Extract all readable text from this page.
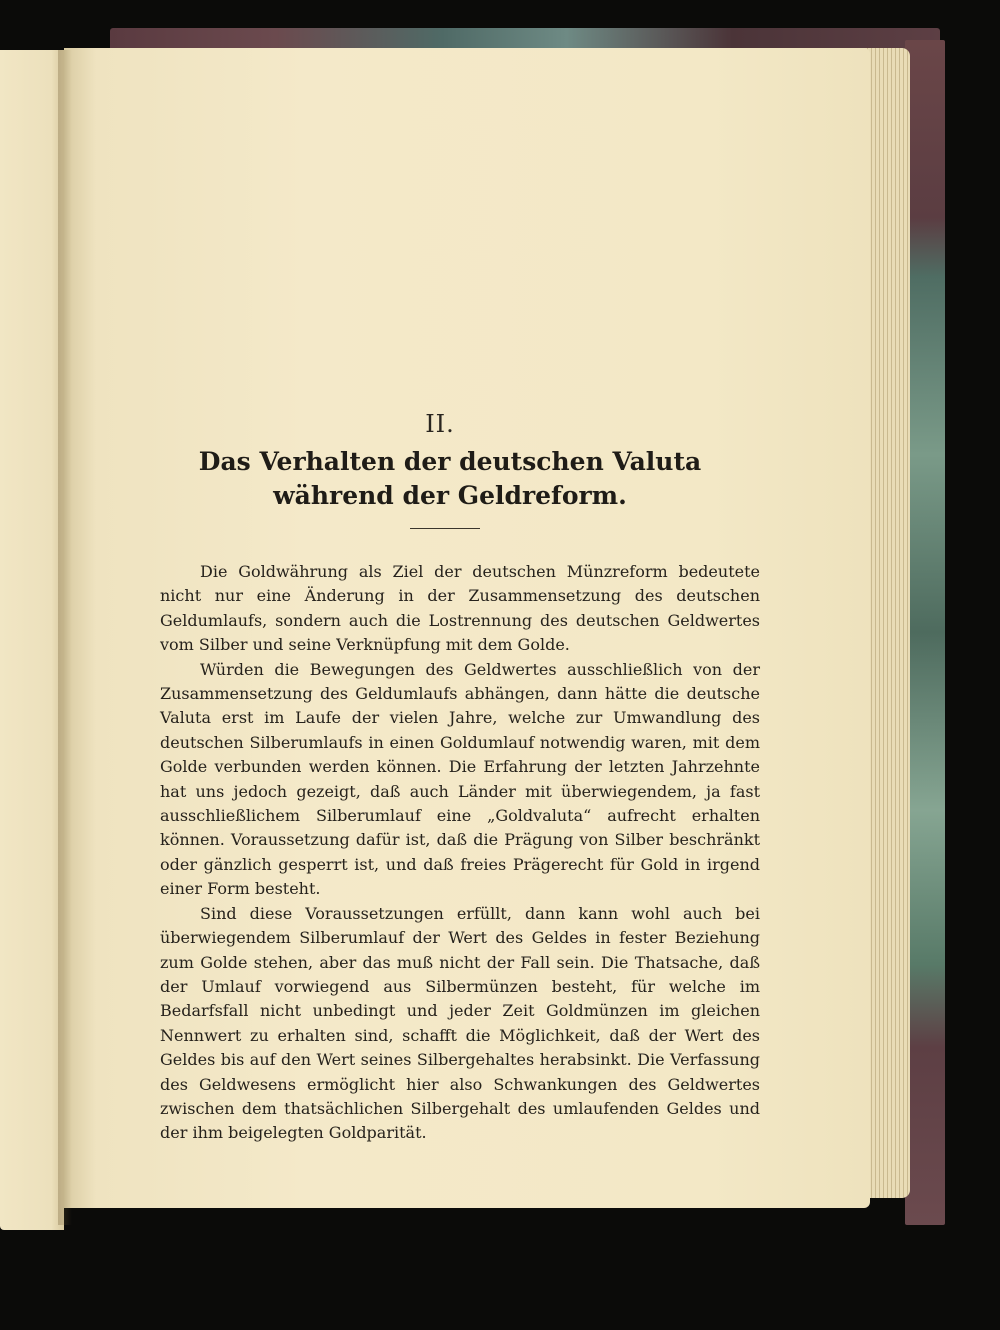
II.
Das Verhalten der deutschen Valuta während der Geldreform.

Die Goldwährung als Ziel der deutschen Münzreform bedeutete nicht nur eine Änderung in der Zusammensetzung des deutschen Geldumlaufs, sondern auch die Lostrennung des deutschen Geldwertes vom Silber und seine Verknüpfung mit dem Golde.

Würden die Bewegungen des Geldwertes ausschließlich von der Zusammensetzung des Geldumlaufs abhängen, dann hätte die deutsche Valuta erst im Laufe der vielen Jahre, welche zur Umwandlung des deutschen Silberumlaufs in einen Goldumlauf notwendig waren, mit dem Golde verbunden werden können. Die Erfahrung der letzten Jahrzehnte hat uns jedoch gezeigt, daß auch Länder mit überwiegendem, ja fast ausschließlichem Silberumlauf eine „Goldvaluta“ aufrecht erhalten können. Voraussetzung dafür ist, daß die Prägung von Silber beschränkt oder gänzlich gesperrt ist, und daß freies Prägerecht für Gold in irgend einer Form besteht.

Sind diese Voraussetzungen erfüllt, dann kann wohl auch bei überwiegendem Silberumlauf der Wert des Geldes in fester Beziehung zum Golde stehen, aber das muß nicht der Fall sein. Die Thatsache, daß der Umlauf vorwiegend aus Silbermünzen besteht, für welche im Bedarfsfall nicht unbedingt und jeder Zeit Goldmünzen im gleichen Nennwert zu erhalten sind, schafft die Möglichkeit, daß der Wert des Geldes bis auf den Wert seines Silbergehaltes herabsinkt. Die Verfassung des Geldwesens ermöglicht hier also Schwankungen des Geldwertes zwischen dem thatsächlichen Silbergehalt des umlaufenden Geldes und der ihm beigelegten Goldparität.
